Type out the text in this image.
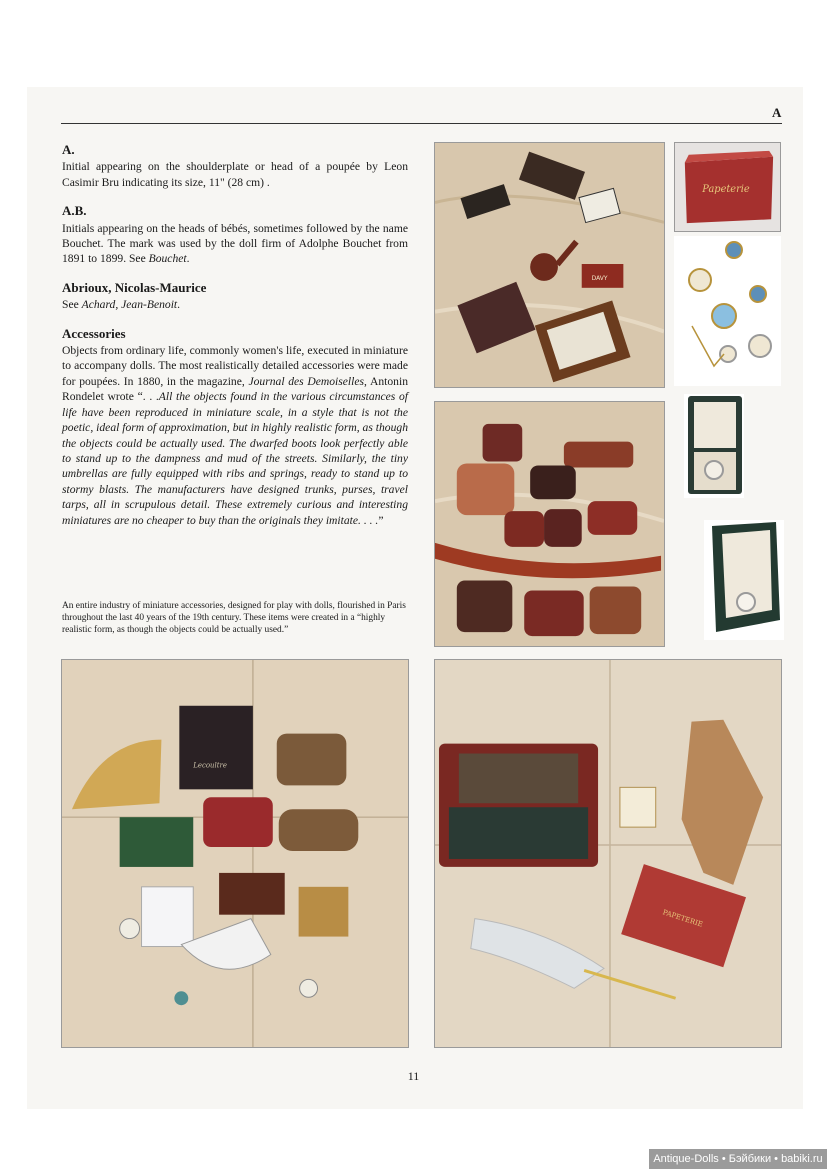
A
A.
Initial appearing on the shoulderplate or head of a poupée by Leon Casimir Bru indicating its size, 11" (28 cm) .
A.B.
Initials appearing on the heads of bébés, sometimes followed by the name Bouchet. The mark was used by the doll firm of Adolphe Bouchet from 1891 to 1899. See Bouchet.
Abrioux, Nicolas-Maurice
See Achard, Jean-Benoit.
Accessories
Objects from ordinary life, commonly women's life, executed in miniature to accompany dolls. The most realistically detailed accessories were made for poupées. In 1880, in the magazine, Journal des Demoiselles, Antonin Rondelet wrote “. . .All the objects found in the various circumstances of life have been reproduced in miniature scale, in a style that is not the poetic, ideal form of approximation, but in highly realistic form, as though the objects could be actually used. The dwarfed boots look perfectly able to stand up to the dampness and mud of the streets. Similarly, the tiny umbrellas are fully equipped with ribs and springs, ready to stand up to stormy blasts. The manufacturers have designed trunks, purses, travel tarps, all in scrupulous detail. These extremely curious and interesting miniatures are no cheaper to buy than the originals they imitate. . . .”
An entire industry of miniature accessories, designed for play with dolls, flourished in Paris throughout the last 40 years of the 19th century. These items were created in a “highly realistic form, as though the objects could be actually used.”
DAVY
Papeterie
Lecoultre
PAPETERIE
11
Antique-Dolls • Бэйбики • babiki.ru
